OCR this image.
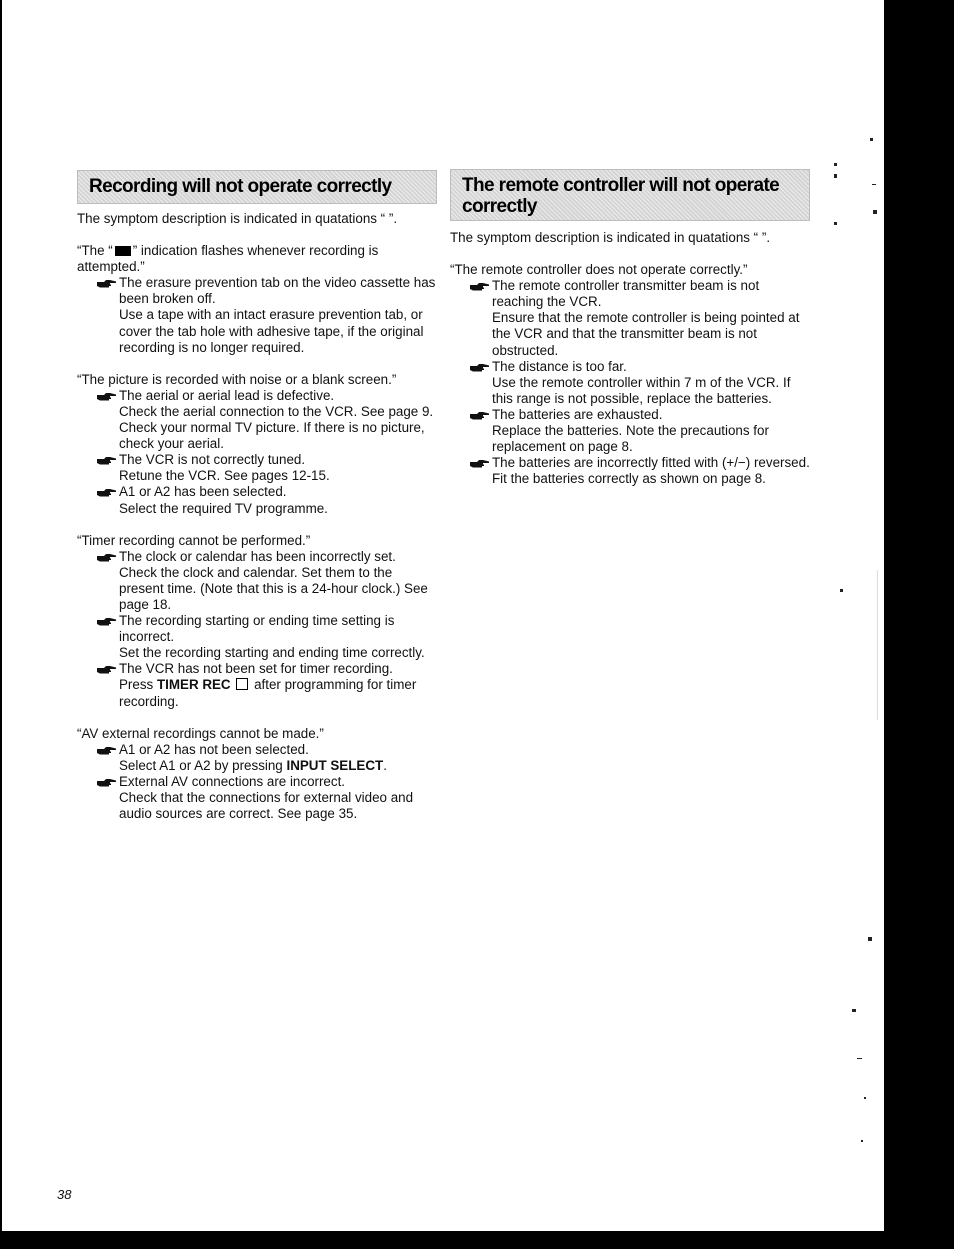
Recording will not operate correctly
The symptom description is indicated in quatations “ ”.
“The “ ” indication flashes whenever recording is attempted.”
The erasure prevention tab on the video cassette has been broken off.
Use a tape with an intact erasure prevention tab, or cover the tab hole with adhesive tape, if the original recording is no longer required.
“The picture is recorded with noise or a blank screen.”
The aerial or aerial lead is defective.
Check the aerial connection to the VCR. See page 9. Check your normal TV picture. If there is no picture, check your aerial.
The VCR is not correctly tuned.
Retune the VCR. See pages 12-15.
A1 or A2 has been selected.
Select the required TV programme.
“Timer recording cannot be performed.”
The clock or calendar has been incorrectly set.
Check the clock and calendar. Set them to the present time. (Note that this is a 24-hour clock.) See page 18.
The recording starting or ending time setting is incorrect.
Set the recording starting and ending time correctly.
The VCR has not been set for timer recording.
Press TIMER REC  after programming for timer recording.
“AV external recordings cannot be made.”
A1 or A2 has not been selected.
Select A1 or A2 by pressing INPUT SELECT.
External AV connections are incorrect.
Check that the connections for external video and audio sources are correct. See page 35.
The remote controller will not operate correctly
The symptom description is indicated in quatations “ ”.
“The remote controller does not operate correctly.”
The remote controller transmitter beam is not reaching the VCR.
Ensure that the remote controller is being pointed at the VCR and that the transmitter beam is not obstructed.
The distance is too far.
Use the remote controller within 7 m of the VCR. If this range is not possible, replace the batteries.
The batteries are exhausted.
Replace the batteries. Note the precautions for replacement on page 8.
The batteries are incorrectly fitted with (+/−) reversed.
Fit the batteries correctly as shown on page 8.
38
